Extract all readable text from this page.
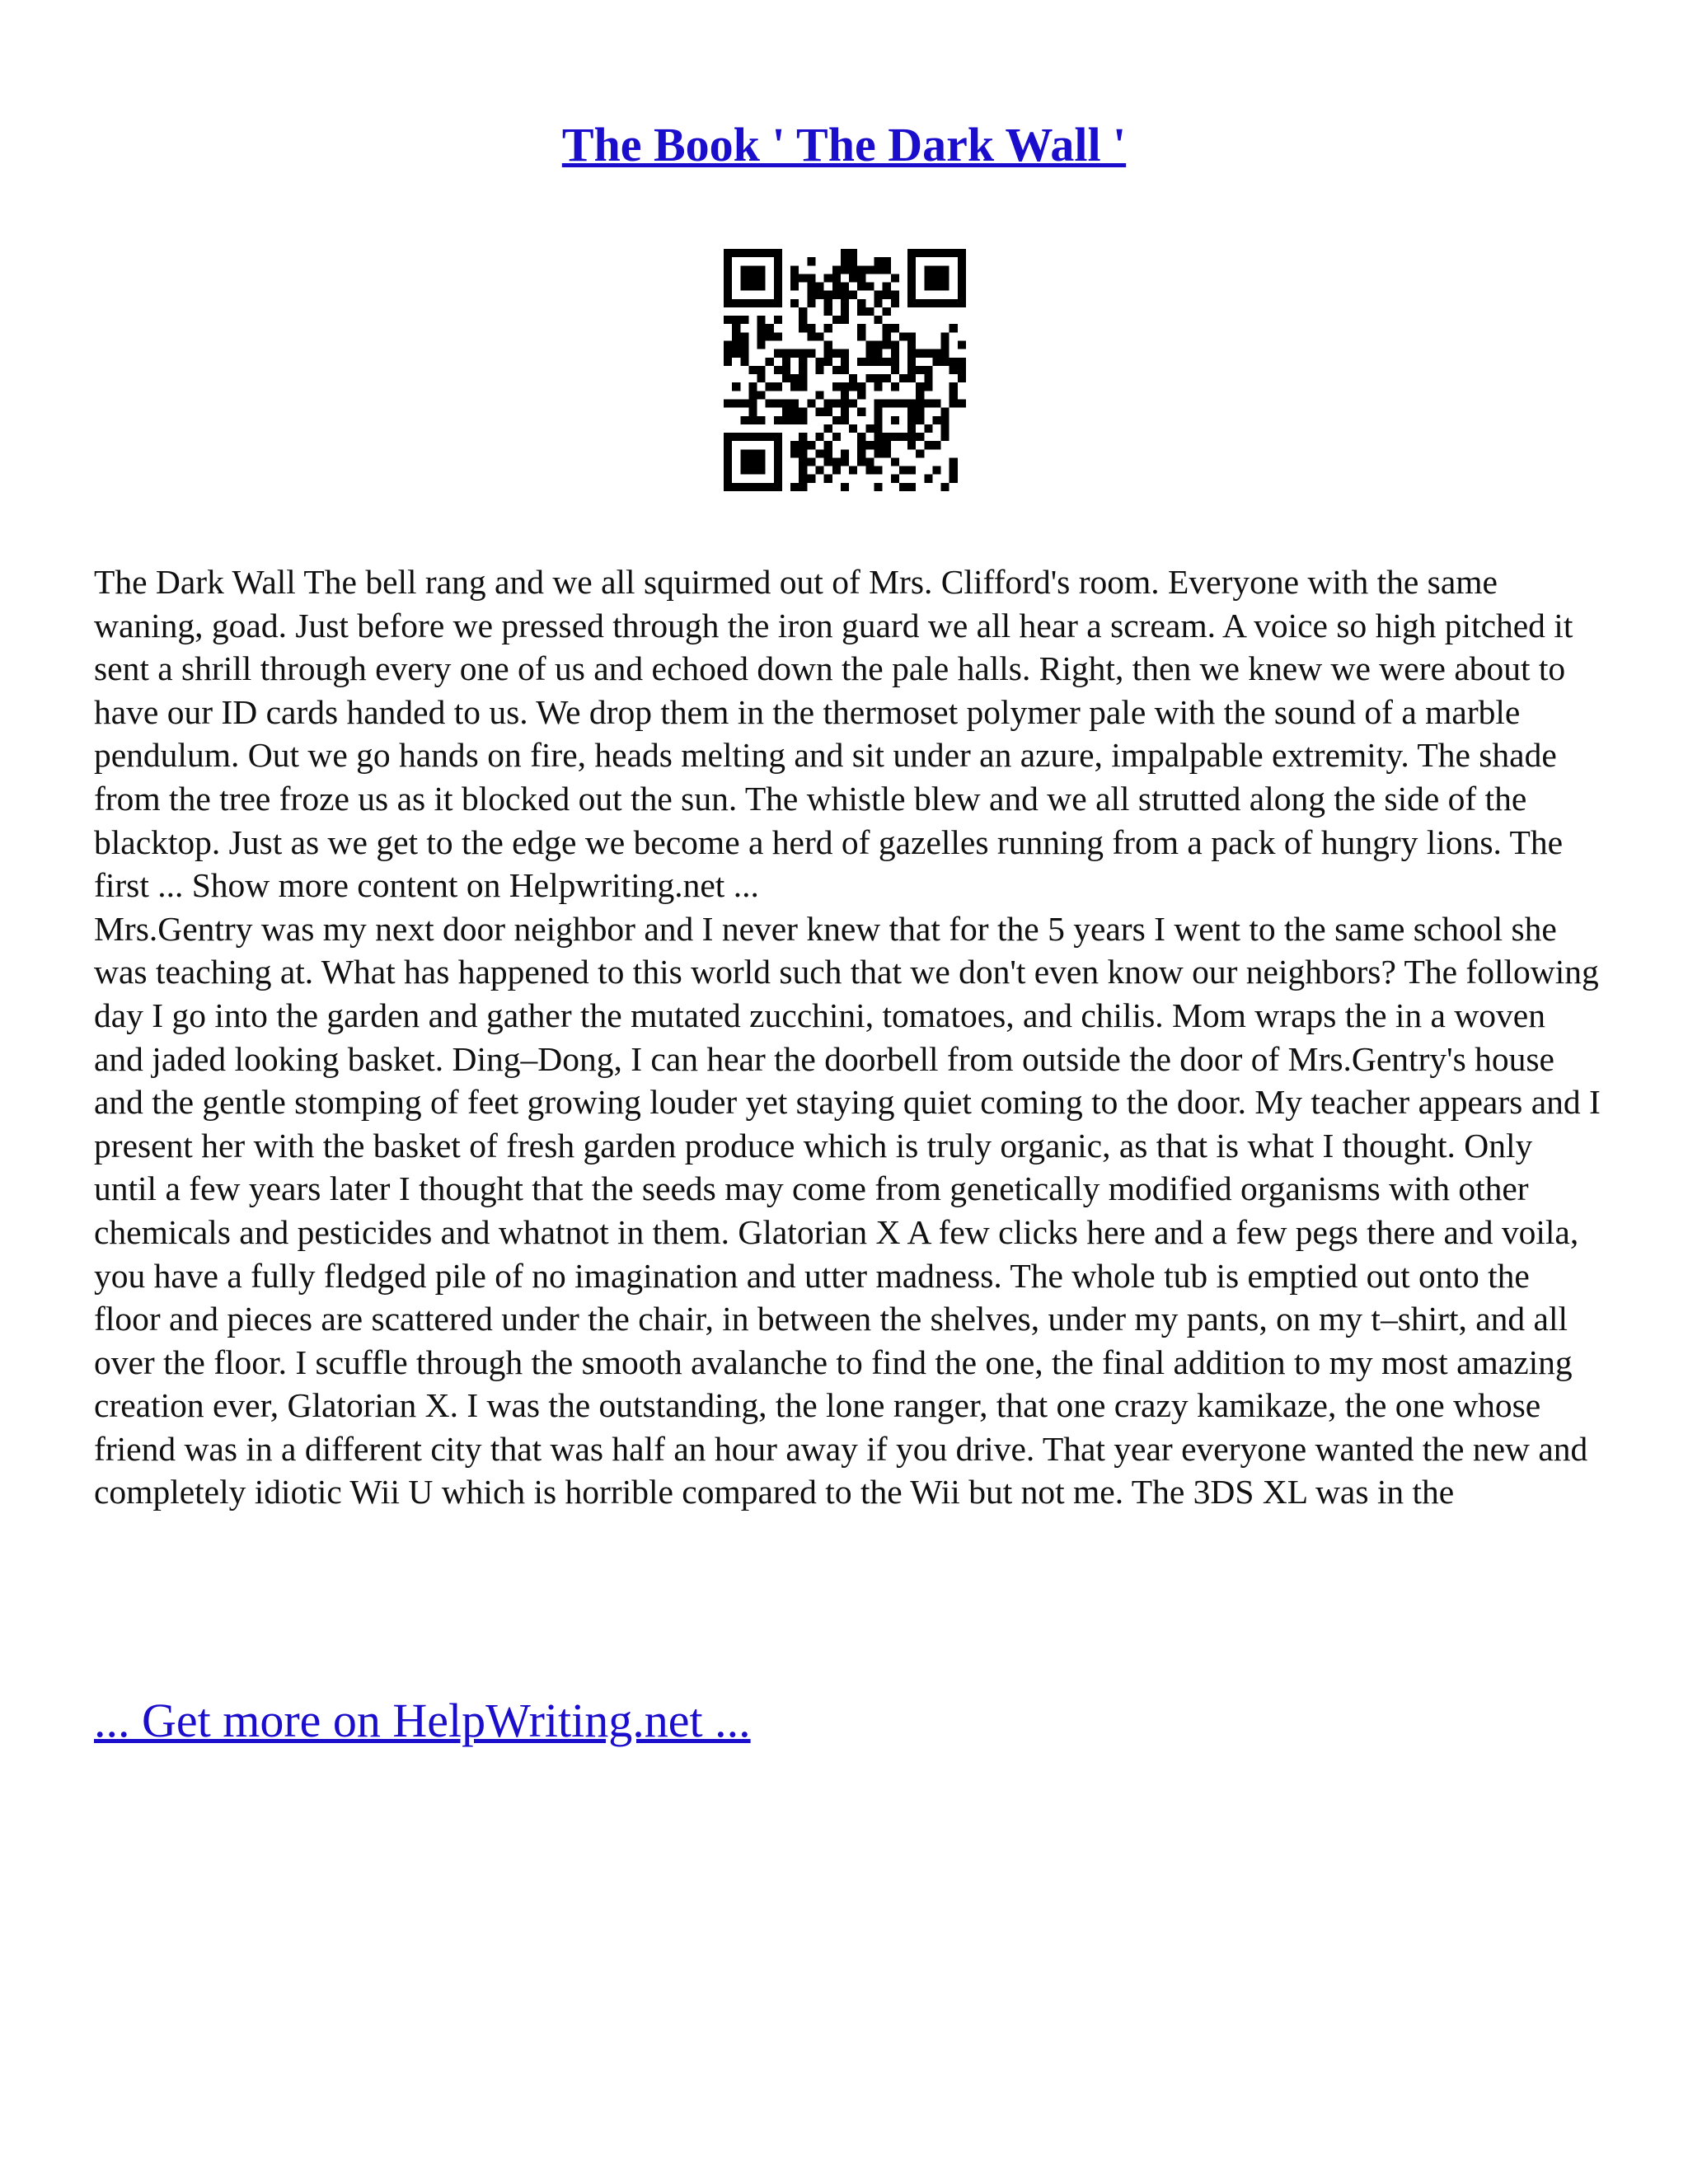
The Book ' The Dark Wall '

The Dark Wall The bell rang and we all squirmed out of Mrs. Clifford's room. Everyone with the same waning, goad. Just before we pressed through the iron guard we all hear a scream. A voice so high pitched it sent a shrill through every one of us and echoed down the pale halls. Right, then we knew we were about to have our ID cards handed to us. We drop them in the thermoset polymer pale with the sound of a marble pendulum. Out we go hands on fire, heads melting and sit under an azure, impalpable extremity. The shade from the tree froze us as it blocked out the sun. The whistle blew and we all strutted along the side of the blacktop. Just as we get to the edge we become a herd of gazelles running from a pack of hungry lions. The first ... Show more content on Helpwriting.net ...

Mrs.Gentry was my next door neighbor and I never knew that for the 5 years I went to the same school she was teaching at. What has happened to this world such that we don't even know our neighbors? The following day I go into the garden and gather the mutated zucchini, tomatoes, and chilis. Mom wraps the in a woven and jaded looking basket. Ding–Dong, I can hear the doorbell from outside the door of Mrs.Gentry's house and the gentle stomping of feet growing louder yet staying quiet coming to the door. My teacher appears and I present her with the basket of fresh garden produce which is truly organic, as that is what I thought. Only until a few years later I thought that the seeds may come from genetically modified organisms with other chemicals and pesticides and whatnot in them. Glatorian X A few clicks here and a few pegs there and voila, you have a fully fledged pile of no imagination and utter madness. The whole tub is emptied out onto the floor and pieces are scattered under the chair, in between the shelves, under my pants, on my t–shirt, and all over the floor. I scuffle through the smooth avalanche to find the one, the final addition to my most amazing creation ever, Glatorian X. I was the outstanding, the lone ranger, that one crazy kamikaze, the one whose friend was in a different city that was half an hour away if you drive. That year everyone wanted the new and completely idiotic Wii U which is horrible compared to the Wii but not me. The 3DS XL was in the

... Get more on HelpWriting.net ...
